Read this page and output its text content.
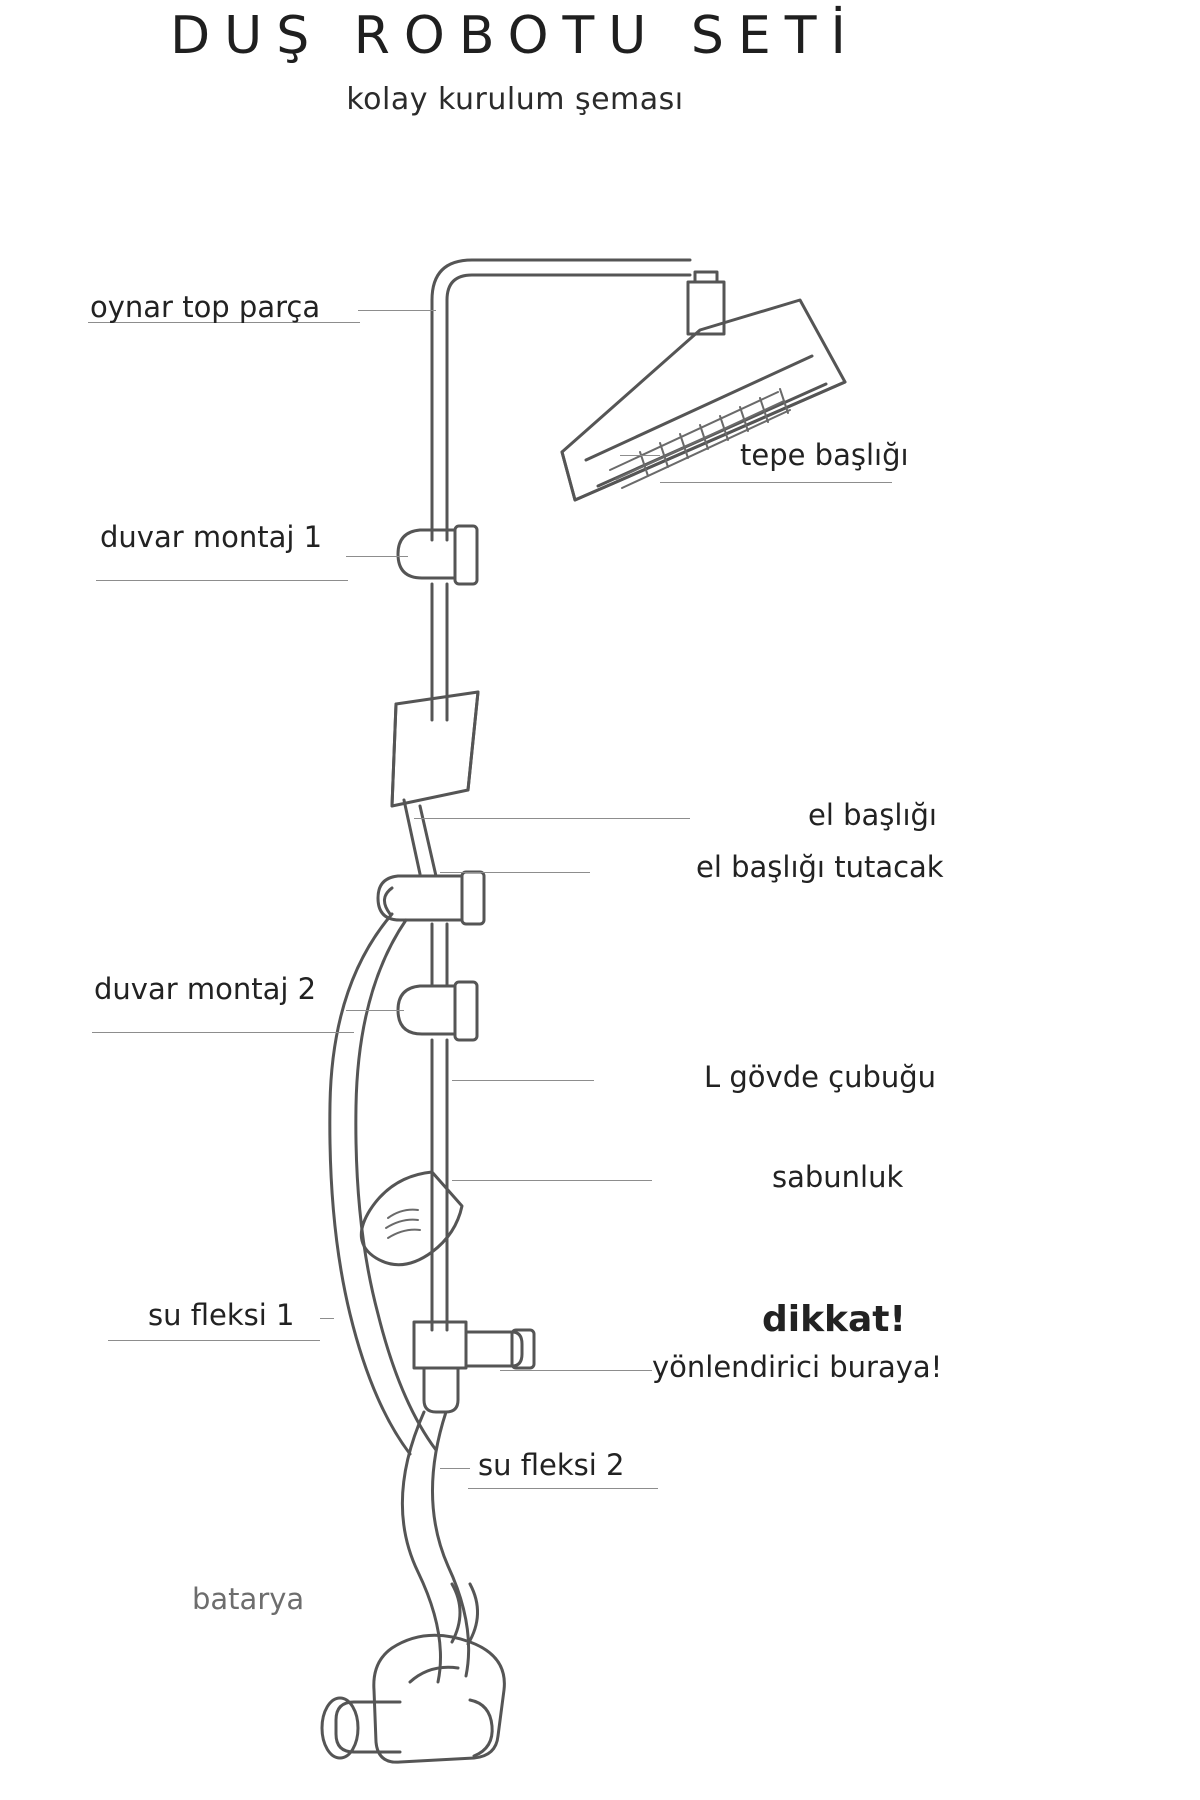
DUŞ ROBOTU SETİ
kolay kurulum şeması
oynar top parça
tepe başlığı
duvar montaj 1
el başlığı
el başlığı tutacak
duvar montaj 2
L gövde çubuğu
sabunluk
su fleksi 1	dikkat!
yönlendirici buraya!
su fleksi 2
batarya
